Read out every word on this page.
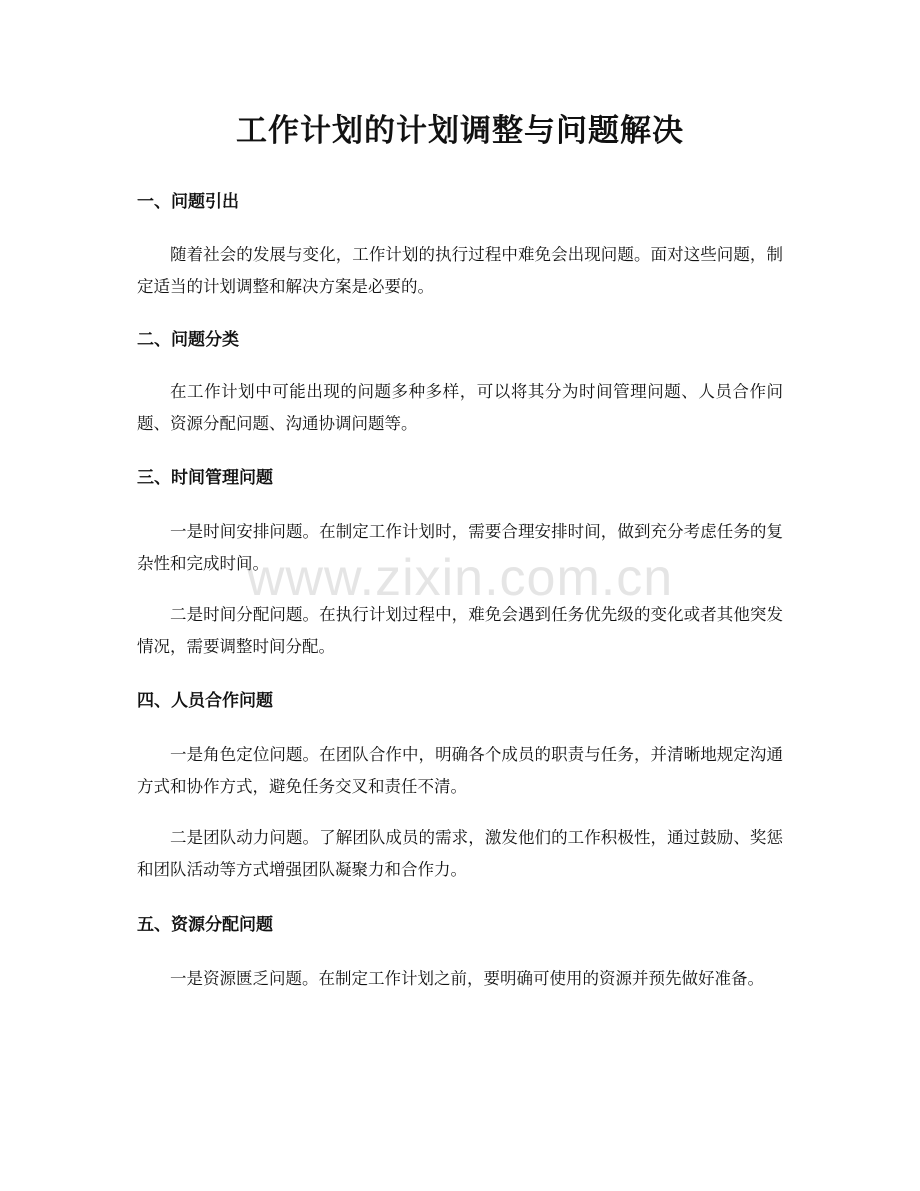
工作计划的计划调整与问题解决
一、问题引出

随着社会的发展与变化，工作计划的执行过程中难免会出现问题。面对这些问题，制定适当的计划调整和解决方案是必要的。

二、问题分类

在工作计划中可能出现的问题多种多样，可以将其分为时间管理问题、人员合作问题、资源分配问题、沟通协调问题等。

三、时间管理问题

一是时间安排问题。在制定工作计划时，需要合理安排时间，做到充分考虑任务的复杂性和完成时间。

二是时间分配问题。在执行计划过程中，难免会遇到任务优先级的变化或者其他突发情况，需要调整时间分配。

四、人员合作问题

一是角色定位问题。在团队合作中，明确各个成员的职责与任务，并清晰地规定沟通方式和协作方式，避免任务交叉和责任不清。

二是团队动力问题。了解团队成员的需求，激发他们的工作积极性，通过鼓励、奖惩和团队活动等方式增强团队凝聚力和合作力。

五、资源分配问题

一是资源匮乏问题。在制定工作计划之前，要明确可使用的资源并预先做好准备。

www.zixin.com.cn
